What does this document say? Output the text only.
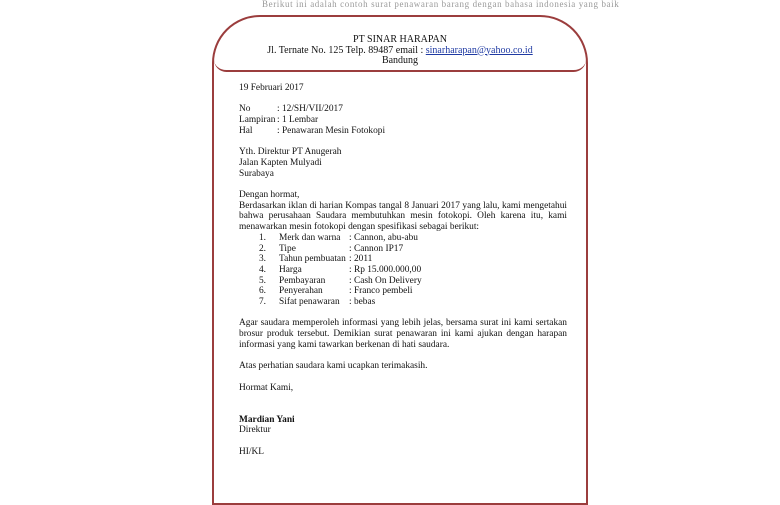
Berikut ini adalah contoh surat penawaran barang dengan bahasa indonesia yang baik
PT SINAR HARAPAN
Jl. Ternate No. 125 Telp. 89487 email : sinarharapan@yahoo.co.id
Bandung
19 Februari 2017
No	: 12/SH/VII/2017
Lampiran : 1 Lembar
Hal	: Penawaran Mesin Fotokopi
Yth. Direktur PT Anugerah
Jalan Kapten Mulyadi
Surabaya
Dengan hormat,
Berdasarkan iklan di harian Kompas tangal 8 Januari 2017 yang lalu, kami mengetahui bahwa perusahaan Saudara membutuhkan mesin fotokopi. Oleh karena itu, kami menawarkan mesin fotokopi dengan spesifikasi sebagai berikut:
1.	Merk dan warna : Cannon, abu-abu
2.	Tipe	: Cannon IP17
3.	Tahun pembuatan : 2011
4.	Harga	: Rp 15.000.000,00
5.	Pembayaran	: Cash On Delivery
6.	Penyerahan	: Franco pembeli
7.	Sifat penawaran : bebas
Agar saudara memperoleh informasi yang lebih jelas, bersama surat ini kami sertakan brosur produk tersebut. Demikian surat penawaran ini kami ajukan dengan harapan informasi yang kami tawarkan berkenan di hati saudara.
Atas perhatian saudara kami ucapkan terimakasih.
Hormat Kami,
Mardian Yani
Direktur
HI/KL
